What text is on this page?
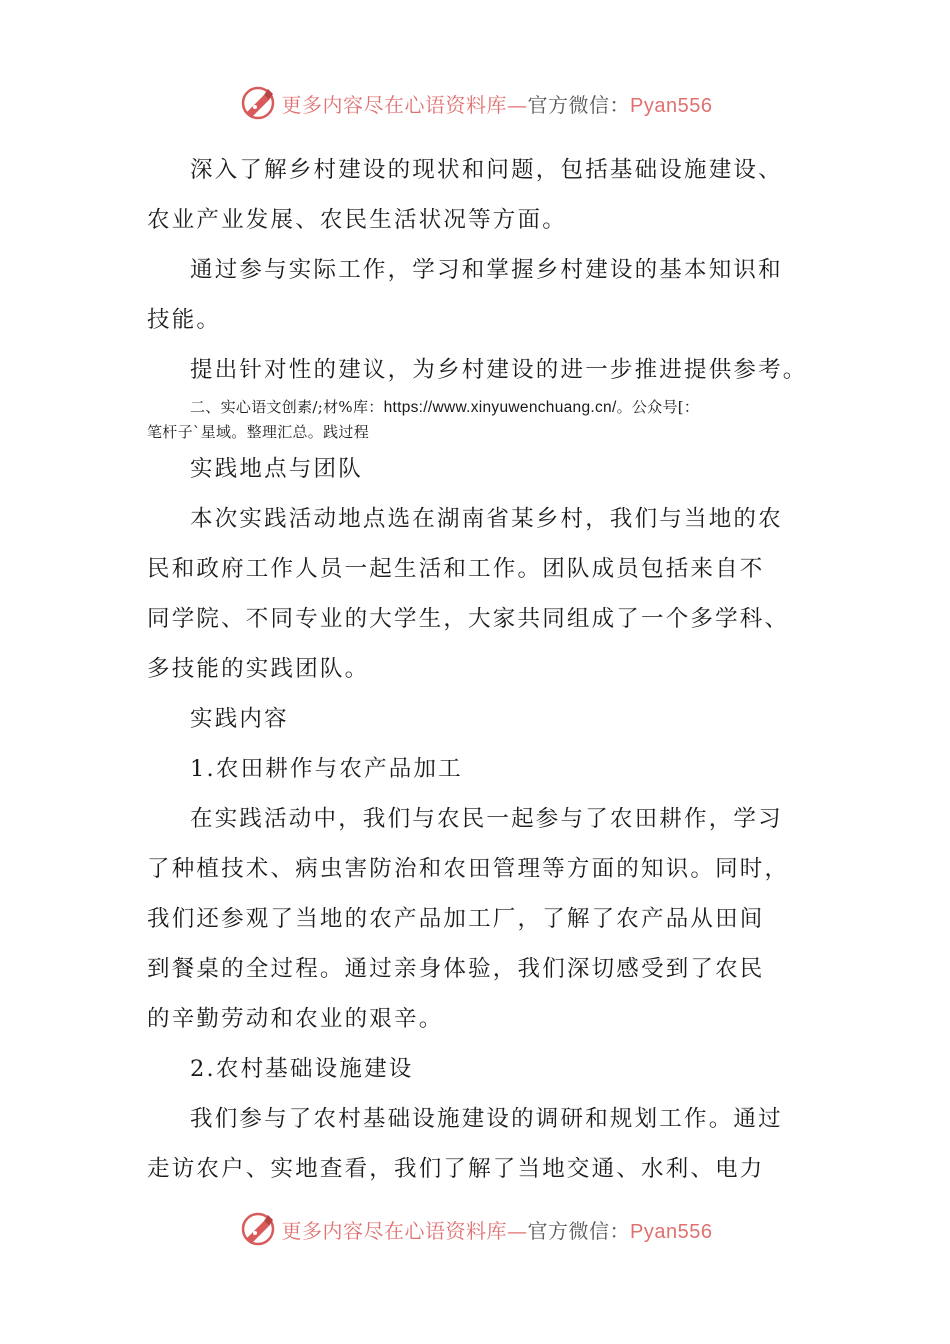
更多内容尽在心语资料库—官方微信：Pyan556

深入了解乡村建设的现状和问题，包括基础设施建设、

农业产业发展、农民生活状况等方面。

通过参与实际工作，学习和掌握乡村建设的基本知识和

技能。

提出针对性的建议，为乡村建设的进一步推进提供参考。

二、实心语文创素/;材%库：https://www.xinyuwenchuang.cn/。公众号[：

笔杆子`星域。整理汇总。践过程

实践地点与团队

本次实践活动地点选在湖南省某乡村，我们与当地的农

民和政府工作人员一起生活和工作。团队成员包括来自不

同学院、不同专业的大学生，大家共同组成了一个多学科、

多技能的实践团队。

实践内容

1.农田耕作与农产品加工

在实践活动中，我们与农民一起参与了农田耕作，学习

了种植技术、病虫害防治和农田管理等方面的知识。同时，

我们还参观了当地的农产品加工厂，了解了农产品从田间

到餐桌的全过程。通过亲身体验，我们深切感受到了农民

的辛勤劳动和农业的艰辛。

2.农村基础设施建设

我们参与了农村基础设施建设的调研和规划工作。通过

走访农户、实地查看，我们了解了当地交通、水利、电力

更多内容尽在心语资料库—官方微信：Pyan556
